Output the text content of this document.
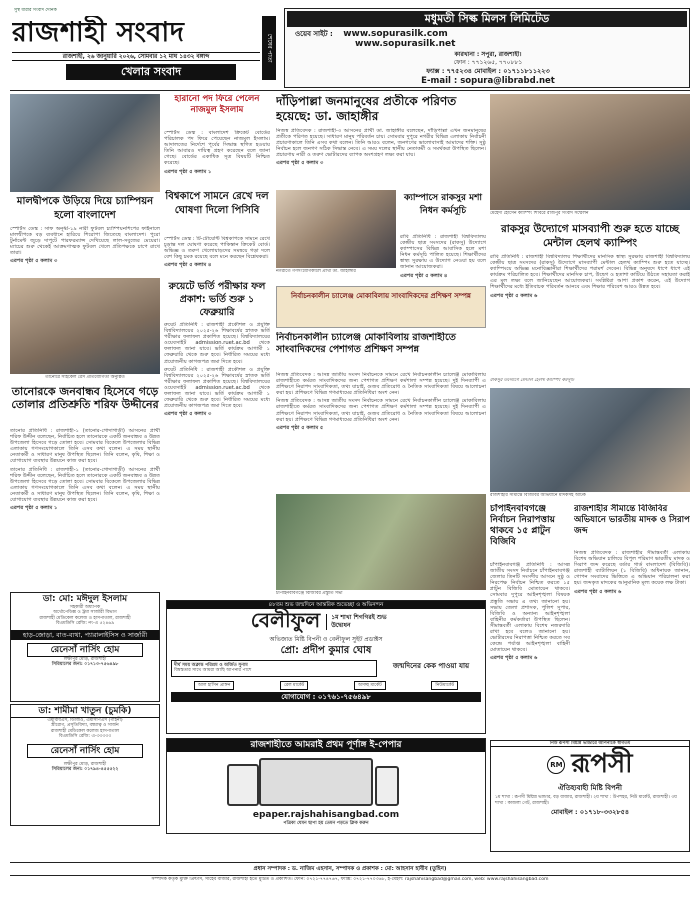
সুস্থ ধারার সংবাদ দৈনিক
রাজশাহী সংবাদ	শেষের পাতা
রাজশাহী, ২৬ জানুয়ারি ২০২৬, সোমবার ১২ মাঘ ১৪৩২ বঙ্গাব্দ
খেলার সংবাদ
মধুমতী সিল্ক মিলস লিমিটেড
ওয়েব সাইট : www.sopurasilk.com
www.sopurasilk.net
কারখানা : সপুরা, রাজশাহী।
ফোন : ৭৭১২৬৫, ৭৭০৮৮১
ফ্যাক্স : ৭৭৫২৩৪ মোবাইল : ০১৭১১৮১১২২৩
E-mail : sopura@librabd.net
হারানো পদ ফিরে পেলেন নাজমুল ইসলাম

স্পোর্টস ডেস্ক : বাংলাদেশ ক্রিকেট বোর্ডের পরিচালক পদ ফিরে পেয়েছেন নাজমুল ইসলাম। আদালতের নির্দেশে পূর্বের সিদ্ধান্ত স্থগিত হওয়ায় তিনি আবারও দায়িত্ব গ্রহণ করেছেন বলে জানা গেছে। বোর্ডের একাধিক সূত্র বিষয়টি নিশ্চিত করেছে।

এরপর পৃষ্ঠা ৫ কলাম ১

মালদ্বীপকে উড়িয়ে দিয়ে চ্যাম্পিয়ন হলো বাংলাদেশ

স্পোর্টস ডেস্ক : সাফ অনূর্ধ্ব-১৯ নারী ফুটবল চ্যাম্পিয়নশিপের ফাইনালে মালদ্বীপকে বড় ব্যবধানে হারিয়ে শিরোপা জিতেছে বাংলাদেশ। পুরো টুর্নামেন্ট জুড়ে দাপুটে পারফরম্যান্স দেখিয়েছে লাল-সবুজের মেয়েরা। ম্যাচের শুরু থেকেই আক্রমণাত্মক ফুটবল খেলে প্রতিপক্ষকে চাপে রাখে তারা।

এরপর পৃষ্ঠা ৫ কলাম ৩

বিশ্বকাপে সামনে রেখে দল ঘোষণা দিলো পিসিবি

স্পোর্টস ডেস্ক : টি-টোয়েন্টি বিশ্বকাপকে সামনে রেখে চূড়ান্ত দল ঘোষণা করেছে পাকিস্তান ক্রিকেট বোর্ড। অভিজ্ঞ ও তরুণ খেলোয়াড়দের সমন্বয়ে গড়া দলে বেশ কিছু চমক রয়েছে বলে মনে করছেন বিশ্লেষকরা।

এরপর পৃষ্ঠা ৫ কলাম ৪

তানোরে সাইকেল রেস প্রতিযোগিতা অনুষ্ঠিত
রুয়েটে ভর্তি পরীক্ষার ফল প্রকাশ: ভর্তি শুরু ১ ফেব্রুয়ারি

রুয়েট প্রতিনিধি : রাজশাহী প্রকৌশল ও প্রযুক্তি বিশ্ববিদ্যালয়ের ২০২৫-২৬ শিক্ষাবর্ষের স্নাতক ভর্তি পরীক্ষার ফলাফল প্রকাশিত হয়েছে। বিশ্ববিদ্যালয়ের ওয়েবসাইট admission.ruet.ac.bd থেকে ফলাফল জানা যাবে। ভর্তি কার্যক্রম আগামী ১ ফেব্রুয়ারি থেকে শুরু হবে। নির্ধারিত সময়ের মধ্যে প্রয়োজনীয় কাগজপত্র জমা দিতে হবে।

রুয়েট প্রতিনিধি : রাজশাহী প্রকৌশল ও প্রযুক্তি বিশ্ববিদ্যালয়ের ২০২৫-২৬ শিক্ষাবর্ষের স্নাতক ভর্তি পরীক্ষার ফলাফল প্রকাশিত হয়েছে। বিশ্ববিদ্যালয়ের ওয়েবসাইট admission.ruet.ac.bd থেকে ফলাফল জানা যাবে। ভর্তি কার্যক্রম আগামী ১ ফেব্রুয়ারি থেকে শুরু হবে। নির্ধারিত সময়ের মধ্যে প্রয়োজনীয় কাগজপত্র জমা দিতে হবে।

এরপর পৃষ্ঠা ৫ কলাম ৩

তানোরকে জনবান্ধব হিসেবে গড়ে তোলার প্রতিশ্রুতি শরিফ উদ্দীনের

তানোর প্রতিনিধি : রাজশাহী-১ (তানোর-গোদাগাড়ী) আসনের প্রার্থী শরিফ উদ্দীন বলেছেন, নির্বাচিত হলে তানোরকে একটি জনবান্ধব ও উন্নত উপজেলা হিসেবে গড়ে তোলা হবে। সোমবার বিকেলে উপজেলার বিভিন্ন এলাকায় গণসংযোগকালে তিনি এসব কথা বলেন। এ সময় স্থানীয় নেতাকর্মী ও সাধারণ মানুষ উপস্থিত ছিলেন। তিনি বলেন, কৃষি, শিক্ষা ও যোগাযোগ ব্যবস্থার উন্নয়নে কাজ করা হবে।

তানোর প্রতিনিধি : রাজশাহী-১ (তানোর-গোদাগাড়ী) আসনের প্রার্থী শরিফ উদ্দীন বলেছেন, নির্বাচিত হলে তানোরকে একটি জনবান্ধব ও উন্নত উপজেলা হিসেবে গড়ে তোলা হবে। সোমবার বিকেলে উপজেলার বিভিন্ন এলাকায় গণসংযোগকালে তিনি এসব কথা বলেন। এ সময় স্থানীয় নেতাকর্মী ও সাধারণ মানুষ উপস্থিত ছিলেন। তিনি বলেন, কৃষি, শিক্ষা ও যোগাযোগ ব্যবস্থার উন্নয়নে কাজ করা হবে।

এরপর পৃষ্ঠা ৫ কলাম ১

দাঁড়িপাল্লা জনমানুষের প্রতীকে পরিণত হয়েছে: ডা. জাহাঙ্গীর

নিজস্ব প্রতিবেদক : রাজশাহী-৩ আসনের প্রার্থী ডা. জাহাঙ্গীর বলেছেন, দাঁড়িপাল্লা এখন জনমানুষের প্রতীকে পরিণত হয়েছে। সাধারণ মানুষ পরিবর্তন চায়। সোমবার দুপুরে নগরীর বিভিন্ন এলাকায় নির্বাচনী প্রচারণাকালে তিনি এসব কথা বলেন। তিনি আরও বলেন, জনগণের ভালোবাসাই আমাদের শক্তি। সুষ্ঠু নির্বাচন হলে জনগণ সঠিক সিদ্ধান্ত নেবে। এ সময় দলের স্থানীয় নেতাকর্মী ও সমর্থকরা উপস্থিত ছিলেন। প্রচারণায় নারী ও তরুণ ভোটারদের ব্যাপক অংশগ্রহণ লক্ষ্য করা যায়।

এরপর পৃষ্ঠা ৫ কলাম ৩

নগরীতে গণসংযোগকালে প্রার্থী ডা. জাহাঙ্গীর
ক্যাম্পাসে রাকসুর মশা নিধন কর্মসূচি

রাবি প্রতিনিধি : রাজশাহী বিশ্ববিদ্যালয় কেন্দ্রীয় ছাত্র সংসদের (রাকসু) উদ্যোগে ক্যাম্পাসের বিভিন্ন আবাসিক হলে মশা নিধন কর্মসূচি পালিত হয়েছে। শিক্ষার্থীদের স্বাস্থ্য সুরক্ষায় এ উদ্যোগ নেওয়া হয় বলে জানান আয়োজকরা।

এরপর পৃষ্ঠা ৫ কলাম ৪

মেহেদী হোসেন ক্যাম্পিং শিবিরে রাজপুর সংবাদ সম্মেলন
নির্বাচনকালীন চ্যালেঞ্জ মোকাবিলায় সাংবাদিকদের প্রশিক্ষণ সম্পন্ন
নির্বাচনকালীন চ্যালেঞ্জ মোকাবিলায় রাজশাহীতে সাংবাদিকদের পেশাগত প্রশিক্ষণ সম্পন্ন

নিজস্ব প্রতিবেদক : আসন্ন জাতীয় সংসদ নির্বাচনকে সামনে রেখে নির্বাচনকালীন চ্যালেঞ্জ মোকাবিলায় রাজশাহীতে কর্মরত সাংবাদিকদের জন্য পেশাগত প্রশিক্ষণ কর্মশালা সম্পন্ন হয়েছে। দুই দিনব্যাপী এ প্রশিক্ষণে নিরাপদ সাংবাদিকতা, তথ্য যাচাই, গুজব প্রতিরোধ ও নৈতিক সাংবাদিকতা বিষয়ে আলোচনা করা হয়। প্রশিক্ষণে বিভিন্ন গণমাধ্যমের প্রতিনিধিরা অংশ নেন।

নিজস্ব প্রতিবেদক : আসন্ন জাতীয় সংসদ নির্বাচনকে সামনে রেখে নির্বাচনকালীন চ্যালেঞ্জ মোকাবিলায় রাজশাহীতে কর্মরত সাংবাদিকদের জন্য পেশাগত প্রশিক্ষণ কর্মশালা সম্পন্ন হয়েছে। দুই দিনব্যাপী এ প্রশিক্ষণে নিরাপদ সাংবাদিকতা, তথ্য যাচাই, গুজব প্রতিরোধ ও নৈতিক সাংবাদিকতা বিষয়ে আলোচনা করা হয়। প্রশিক্ষণে বিভিন্ন গণমাধ্যমের প্রতিনিধিরা অংশ নেন।

এরপর পৃষ্ঠা ৫ কলাম ৫

চাঁপাইনবাবগঞ্জে বিজিবির প্রস্তুতি সভা
রাকসুর উদ্যোগে মাসব্যাপী শুরু হতে যাচ্ছে মেন্টাল হেলথ ক্যাম্পিং

রাবি প্রতিনিধি : রাজশাহী বিশ্ববিদ্যালয় শিক্ষার্থীদের মানসিক স্বাস্থ্য সুরক্ষায় রাজশাহী বিশ্ববিদ্যালয় কেন্দ্রীয় ছাত্র সংসদের (রাকসু) উদ্যোগে মাসব্যাপী মেন্টাল হেলথ ক্যাম্পিং শুরু হতে যাচ্ছে। ক্যাম্পিংয়ে অভিজ্ঞ মনোবিজ্ঞানীরা শিক্ষার্থীদের পরামর্শ দেবেন। বিভিন্ন অনুষদে ধাপে ধাপে এই কার্যক্রম পরিচালিত হবে। শিক্ষার্থীদের মানসিক চাপ, উদ্বেগ ও হতাশা কাটিয়ে উঠতে সহায়তা করাই এর মূল লক্ষ্য বলে জানিয়েছেন আয়োজকরা। সংশ্লিষ্টরা আশা প্রকাশ করেন, এই উদ্যোগ শিক্ষার্থীদের মধ্যে ইতিবাচক পরিবর্তন আনবে এবং শিক্ষার পরিবেশ আরও উন্নত হবে।

এরপর পৃষ্ঠা ৫ কলাম ৬

রাকসুর উদ্যোগে মেন্টাল হেলথ ক্যাম্পিং কর্মসূচি
রাজশাহীর সীমান্তে বিজিবির অভিযানে মাদকসহ আটক
রাজশাহীর সীমান্তে বিজিবির অভিযানে ভারতীয় মাদক ও সিরাপ জব্দ

নিজস্ব প্রতিবেদক : রাজশাহীর সীমান্তবর্তী এলাকায় বিশেষ অভিযান চালিয়ে বিপুল পরিমাণ ভারতীয় মাদক ও সিরাপ জব্দ করেছে বর্ডার গার্ড বাংলাদেশ (বিজিবি)। রাজশাহী ব্যাটালিয়ন (১ বিজিবি) অধিনায়ক জানান, গোপন সংবাদের ভিত্তিতে এ অভিযান পরিচালনা করা হয়। জব্দকৃত মাদকের আনুমানিক মূল্য কয়েক লক্ষ টাকা।

এরপর পৃষ্ঠা ৫ কলাম ৬

চাঁপাইনবাবগঞ্জে নির্বাচন নিরাপত্তায় থাকবে ১৫ প্লাটুন বিজিবি

চাঁপাইনবাবগঞ্জ প্রতিনিধি : আসন্ন জাতীয় সংসদ নির্বাচনে চাঁপাইনবাবগঞ্জ জেলার তিনটি সংসদীয় আসনে সুষ্ঠু ও নিরপেক্ষ নির্বাচন নিশ্চিত করতে ১৫ প্লাটুন বিজিবি মোতায়েন থাকবে। সোমবার দুপুরে আইনশৃঙ্খলা বিষয়ক প্রস্তুতি সভায় এ তথ্য জানানো হয়। সভায় জেলা প্রশাসক, পুলিশ সুপার, বিজিবি ও অন্যান্য আইনশৃঙ্খলা বাহিনীর কর্মকর্তারা উপস্থিত ছিলেন। সীমান্তবর্তী এলাকায় বিশেষ নজরদারি রাখা হবে বলেও জানানো হয়। ভোটারদের নিরাপত্তা নিশ্চিত করতে সব কেন্দ্রে পর্যাপ্ত আইনশৃঙ্খলা বাহিনী মোতায়েন থাকবে।

এরপর পৃষ্ঠা ৫ কলাম ৬

ডা: মো: মঈদুল ইসলাম
সহকারী অধ্যাপক
অর্থোপেডিক্স ও ট্রমা সার্জারী বিভাগ
রাজশাহী মেডিকেল কলেজ ও হাসপাতাল, রাজশাহী
বিএমডিসি রেজি: নং-এ ৫২৪৬৯
হাড়-জোড়া, বাত-ব্যথা, প্যারালাইসিস ও সার্জারী
রেনেসাঁ নার্সিং হোম
লক্ষীপুর মোড়, রাজশাহী
সিরিয়ালের জন্য: ০১৭১৩-৭৫৬৪৯৮
ডা: শামীমা খাতুন (চুমকি)
এমবিবিএস, ডিজিও, এমসিপিএস (গাইনী)
স্ত্রীরোগ, প্রসূতিবিদ্যা, বন্ধ্যাত্ব ও সার্জন
রাজশাহী মেডিকেল কলেজ হাসপাতাল
বিএমডিসি রেজি: এ-৩৩৩৩৩
রেনেসাঁ নার্সিং হোম
লক্ষীপুর মোড়, রাজশাহী
সিরিয়ালের জন্য: ০১৭৯৪-৪৫৫৫২২
৪৮তম শুভ জন্মদিনে আন্তরিক শুভেচ্ছা ও অভিনন্দন
বেলীফুল	১ম শাখা শিগগিরই শুভ উদ্বোধন
অভিজাত মিষ্টি বিপনী ও বেলীফুল সুইট প্রডাক্টস
প্রো: প্রদীপ কুমার ঘোষ
দীর্ঘ সময় অক্লান্ত পরিশ্রম ও অর্জিত সুনাম
বিশ্বস্ততার সাথে আমরা আছি আপনার পাশে
জন্মদিনের কেক পাওয়া যায়
আল হাসিন প্রাঙ্গন	রেল মার্কেট	অসচ্ছ মার্কেট	নিউমার্কেট
যোগাযোগ : ০১৭৬১-৭৫৬৪৯৮
রাজশাহীতে আমরাই প্রথম পূর্ণাঙ্গ ই-পেপার
epaper.rajshahisangbad.com
পত্রিকা যেমন ছাপা হয় তেমন পড়তে ক্লিক করুন
নিউ রূপসী মিষ্টান্ন ভান্ডারে আপনাকে স্বাগতম
RM রূপসী
ঐতিহ্যবাহী মিষ্টি বিপনী
১ম শাখা : রূপসী মিষ্টান্ন ভান্ডার, বড় বাজার, রাজশাহী। ২য় শাখা : উপশহর, নিউ মার্কেট, রাজশাহী। ৩য় শাখা : কাজলা গেট, রাজশাহী।
মোবাইল : ০১৭১৮-৩৩২৮৫৪
প্রধান সম্পাদক : ড. নাজিম এহসান, সম্পাদক ও প্রকাশক : মো: আহসান হাবীব (তুহিন)
সম্পাদক কর্তৃক মুক্তি প্রিন্টার্স, সাহেব বাজার, রাজশাহী হতে মুদ্রিত ও প্রকাশিত। ফোন: ০৭২১-৭৭৪৭৬৭, ফ্যাক্স: ০৭২১-৭৭০৩৬৮, ই-মেইল: rajshahisangbad@gmail.com, web: www.rajshahisangbad.com
